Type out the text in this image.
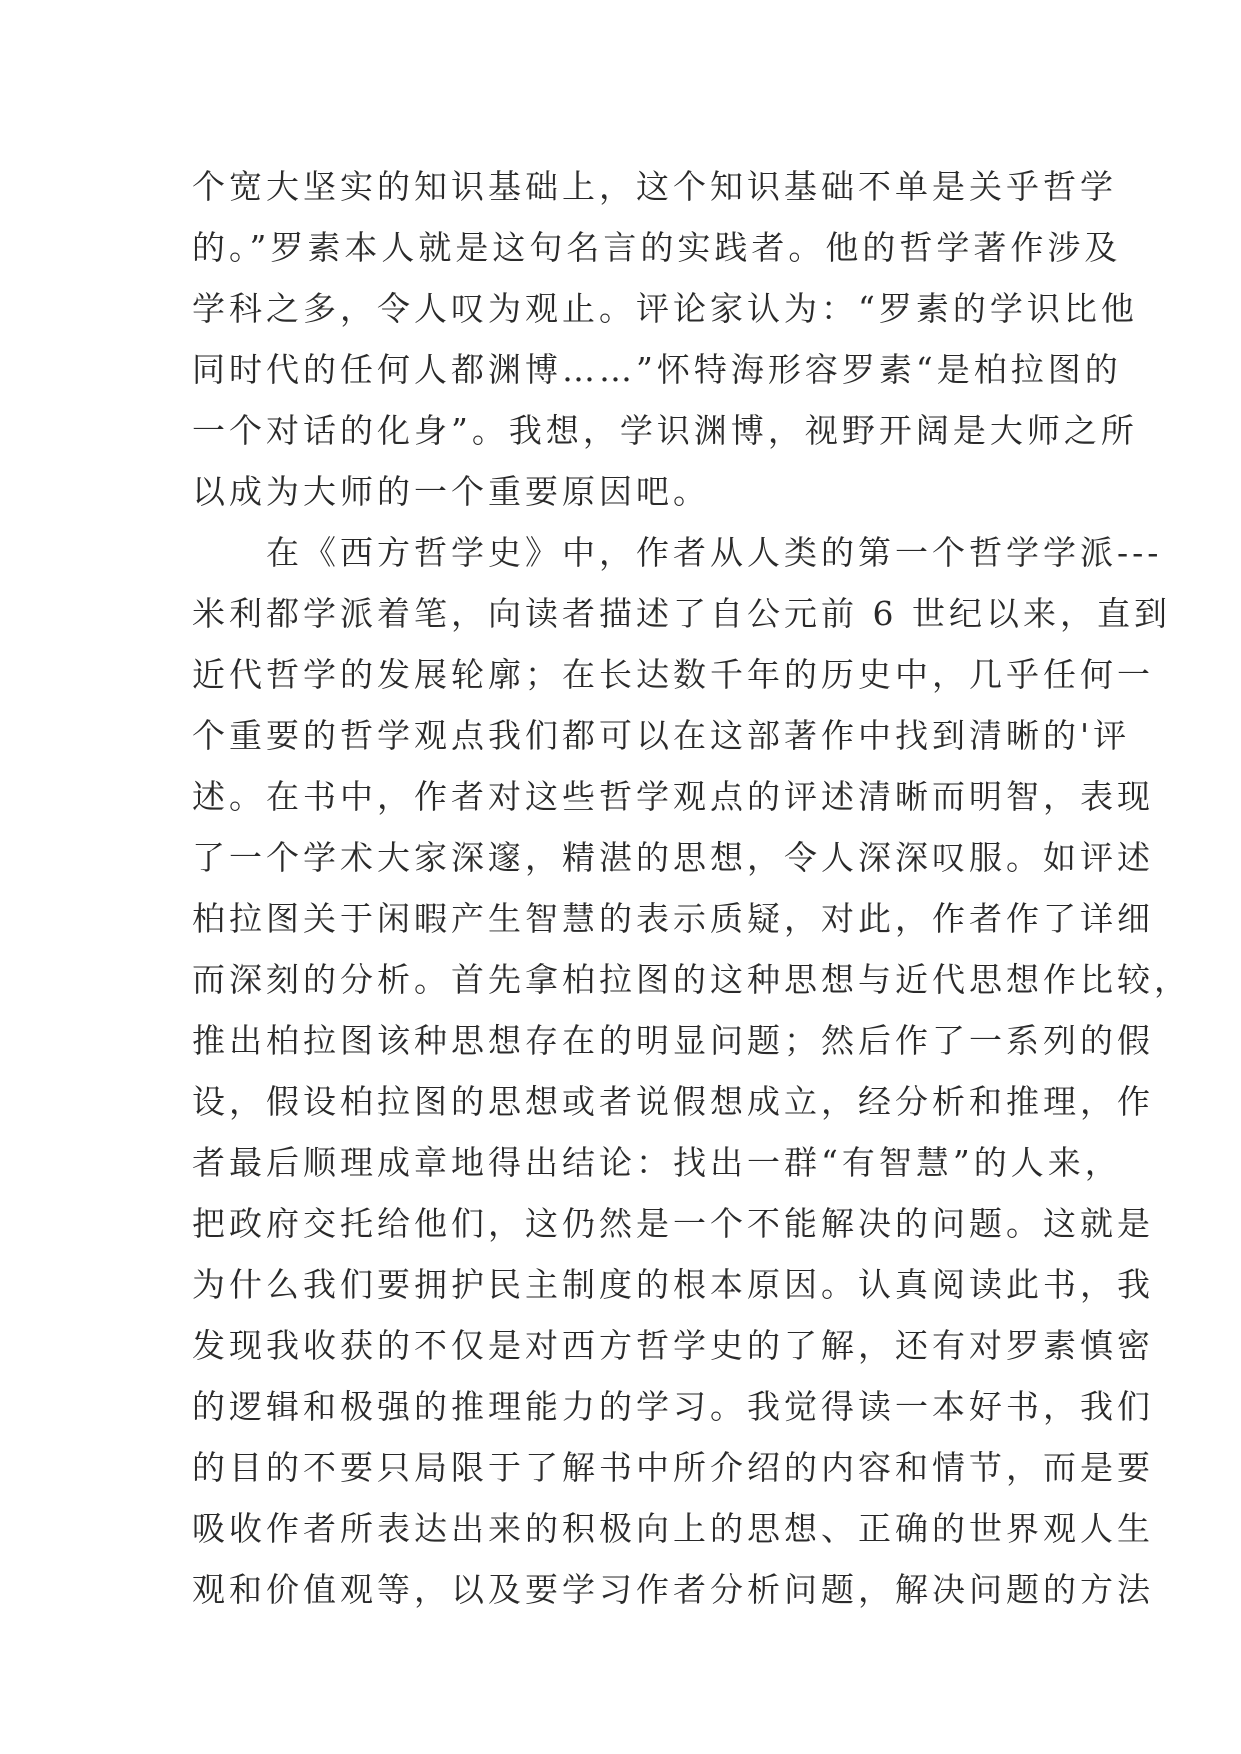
个宽大坚实的知识基础上，这个知识基础不单是关乎哲学
的。”罗素本人就是这句名言的实践者。他的哲学著作涉及
学科之多，令人叹为观止。评论家认为：“罗素的学识比他
同时代的任何人都渊博……”怀特海形容罗素“是柏拉图的
一个对话的化身”。我想，学识渊博，视野开阔是大师之所
以成为大师的一个重要原因吧。
　　在《西方哲学史》中，作者从人类的第一个哲学学派---
米利都学派着笔，向读者描述了自公元前 6 世纪以来，直到
近代哲学的发展轮廓；在长达数千年的历史中，几乎任何一
个重要的哲学观点我们都可以在这部著作中找到清晰的'评
述。在书中，作者对这些哲学观点的评述清晰而明智，表现
了一个学术大家深邃，精湛的思想，令人深深叹服。如评述
柏拉图关于闲暇产生智慧的表示质疑，对此，作者作了详细
而深刻的分析。首先拿柏拉图的这种思想与近代思想作比较，
推出柏拉图该种思想存在的明显问题；然后作了一系列的假
设，假设柏拉图的思想或者说假想成立，经分析和推理，作
者最后顺理成章地得出结论：找出一群“有智慧”的人来，
把政府交托给他们，这仍然是一个不能解决的问题。这就是
为什么我们要拥护民主制度的根本原因。认真阅读此书，我
发现我收获的不仅是对西方哲学史的了解，还有对罗素慎密
的逻辑和极强的推理能力的学习。我觉得读一本好书，我们
的目的不要只局限于了解书中所介绍的内容和情节，而是要
吸收作者所表达出来的积极向上的思想、正确的世界观人生
观和价值观等，以及要学习作者分析问题，解决问题的方法
